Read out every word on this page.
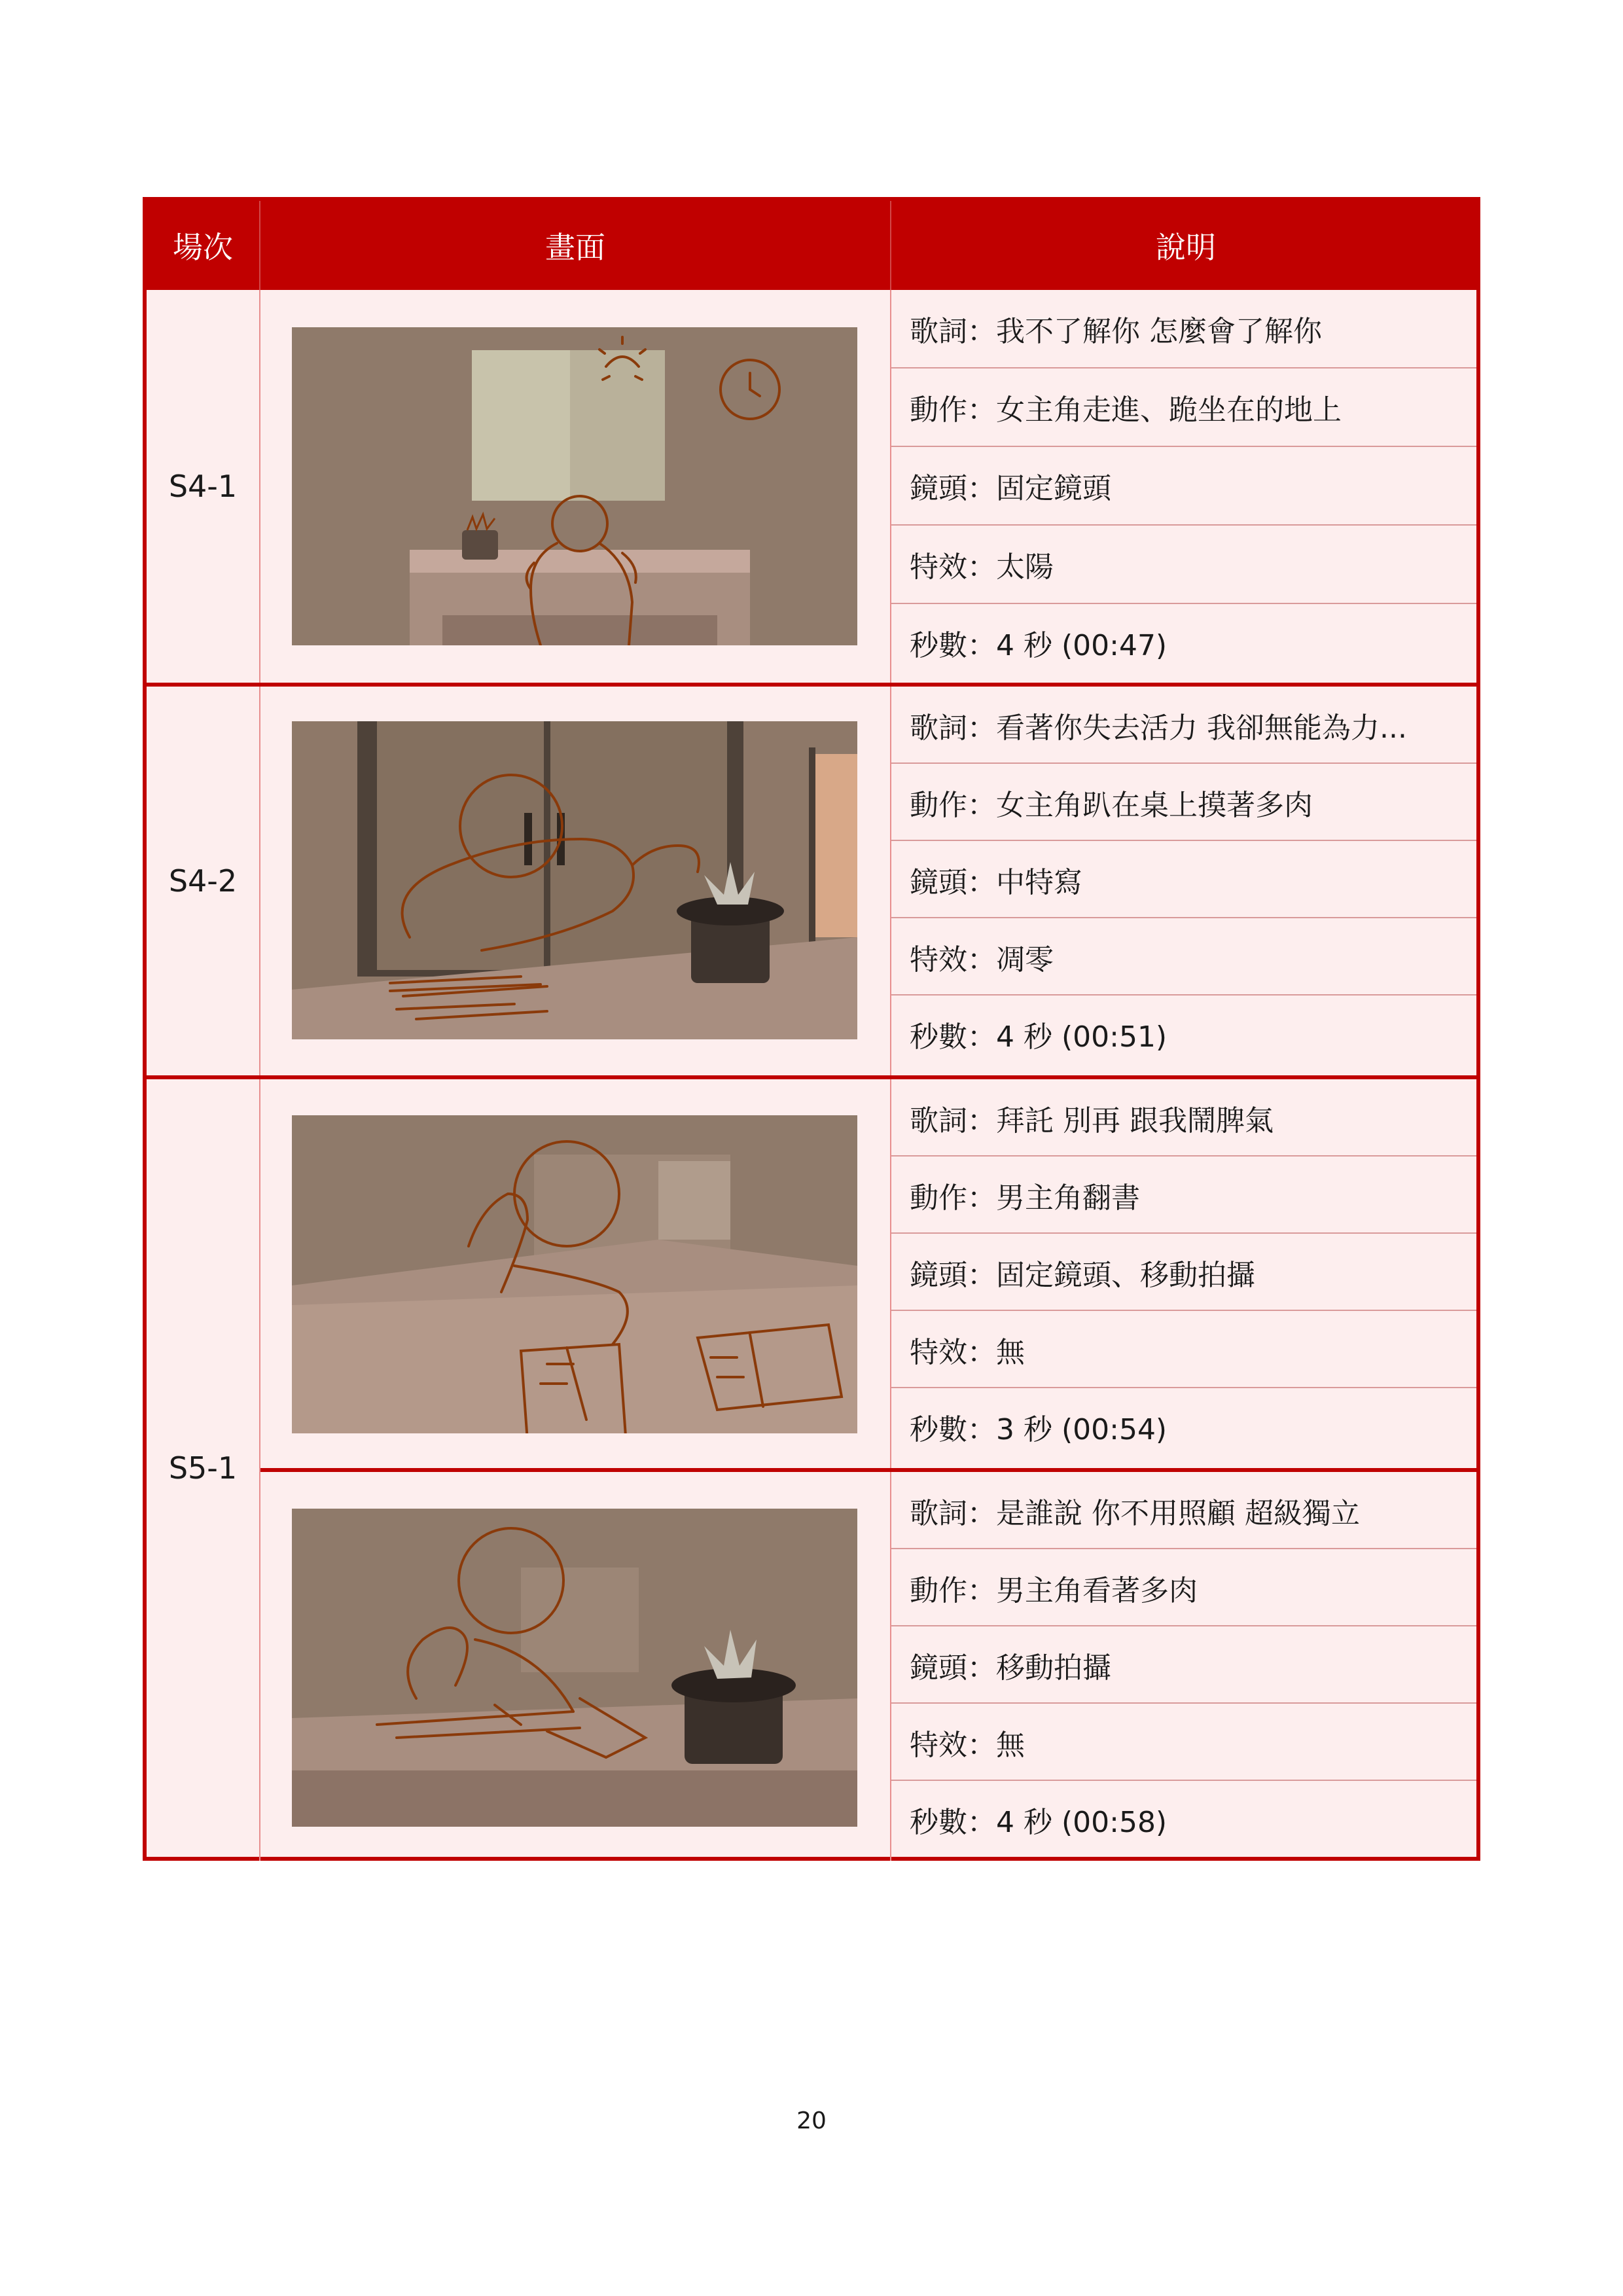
場次	畫面	說明
S4-1
S4-2
S5-1
歌詞：我不了解你 怎麼會了解你
動作：女主角走進、跪坐在的地上
鏡頭：固定鏡頭
特效：太陽
秒數：4 秒 (00:47)
歌詞：看著你失去活力 我卻無能為力...
動作：女主角趴在桌上摸著多肉
鏡頭：中特寫
特效：凋零
秒數：4 秒 (00:51)
歌詞：拜託 別再 跟我鬧脾氣
動作：男主角翻書
鏡頭：固定鏡頭、移動拍攝
特效：無
秒數：3 秒 (00:54)
歌詞：是誰說 你不用照顧 超級獨立
動作：男主角看著多肉
鏡頭：移動拍攝
特效：無
秒數：4 秒 (00:58)
20
